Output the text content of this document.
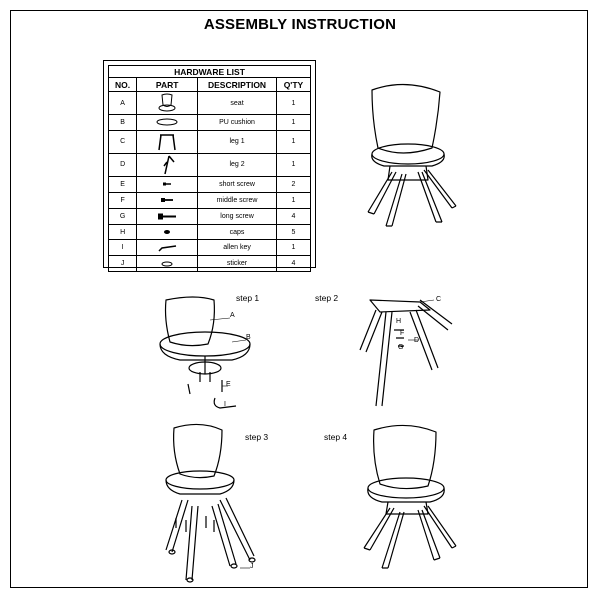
ASSEMBLY INSTRUCTION
HARDWARE LIST			
NO.	PART	DESCRIPTION	Q'TY
A		seat	1
B		PU cushion	1
C		leg 1	1
D		leg 2	1
E		short screw	2
F		middle screw	1
G		long screw	4
H		caps	5
I		allen key	1
J		sticker	4
step 1	step 2
step 3	step 4
A
B
E
I
C
D
F
G
H
J
